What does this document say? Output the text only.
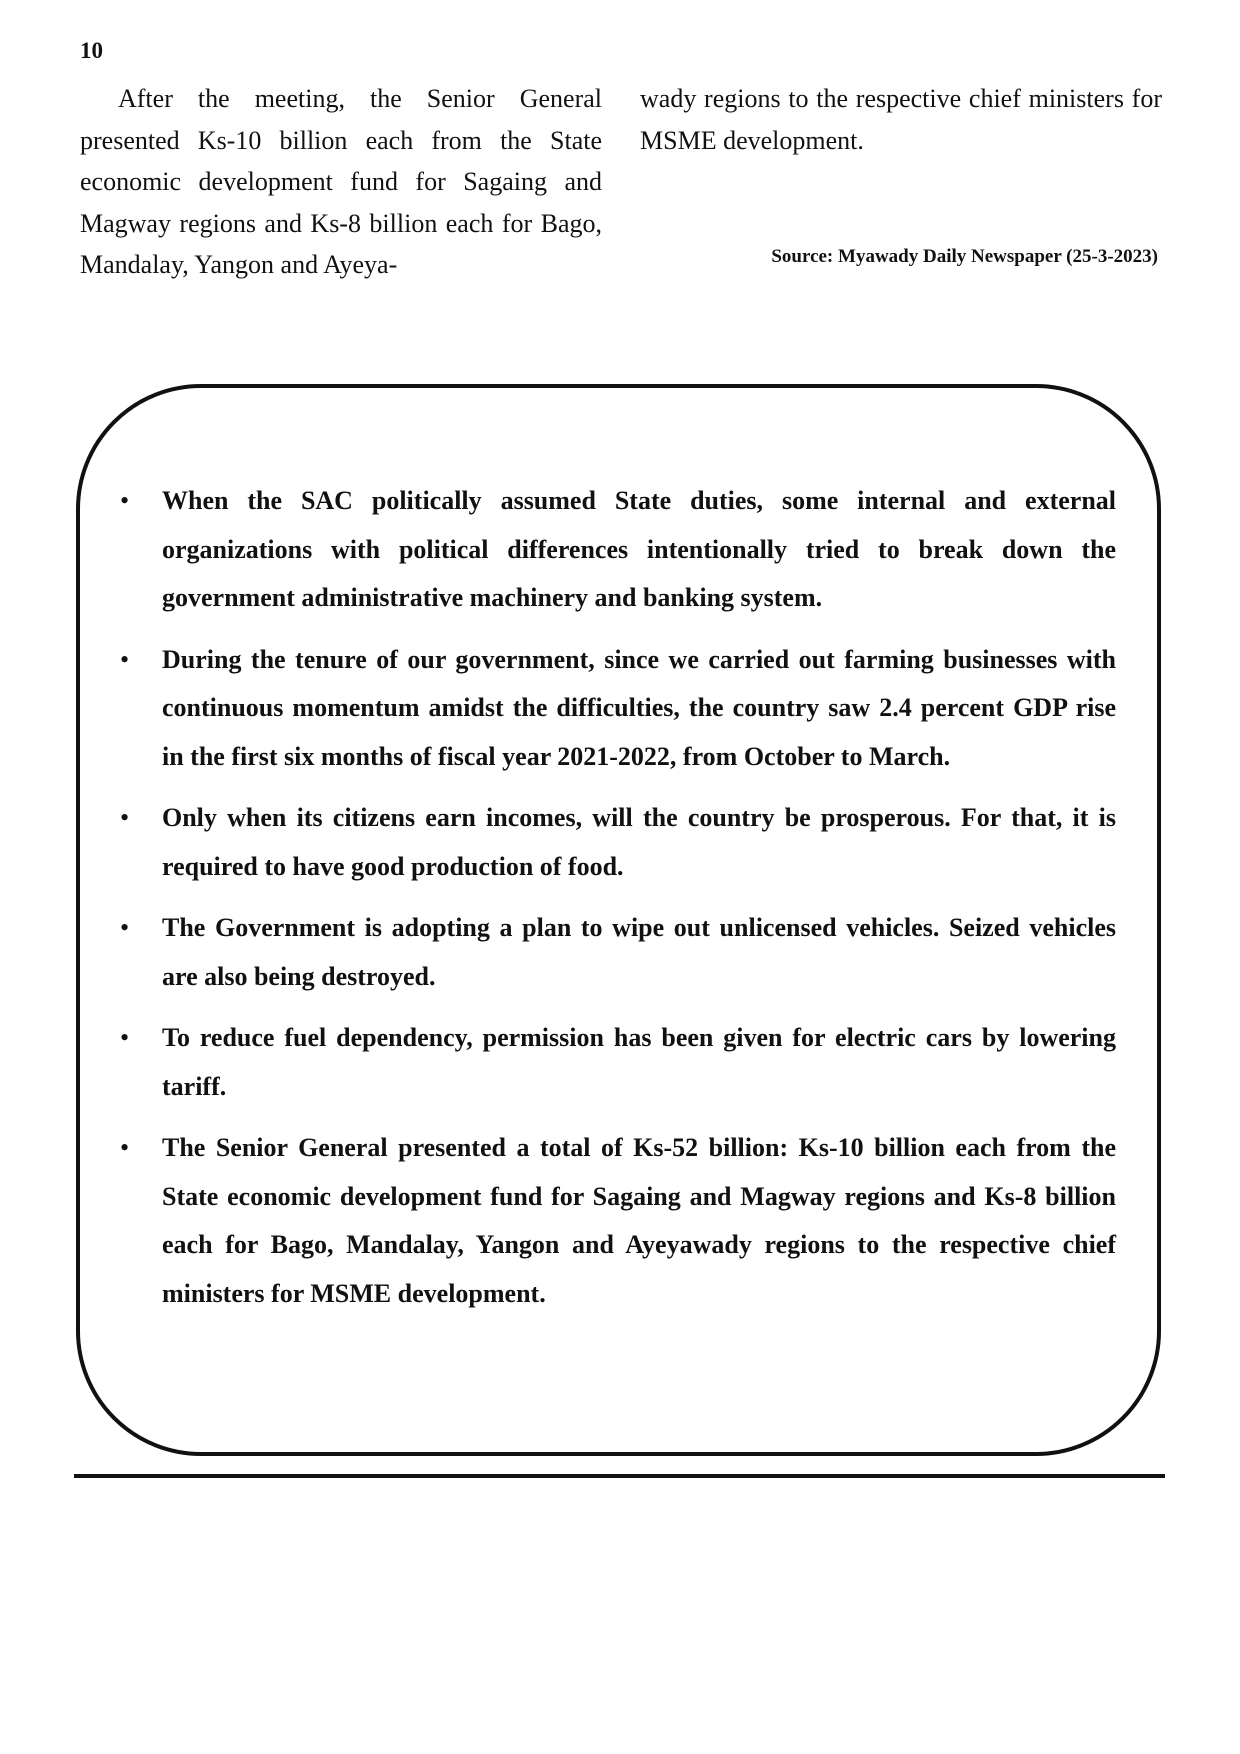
10

After the meeting, the Senior General presented Ks-10 billion each from the State economic development fund for Sagaing and Magway regions and Ks-8 billion each for Bago, Mandalay, Yangon and Ayeya-

wady regions to the respective chief ministers for MSME development.

Source: Myawady Daily Newspaper (25-3-2023)
• When the SAC politically assumed State duties, some internal and external organizations with political differences intentionally tried to break down the government administrative machinery and banking system.
• During the tenure of our government, since we carried out farming businesses with continuous momentum amidst the difficulties, the country saw 2.4 percent GDP rise in the first six months of fiscal year 2021-2022, from October to March.
• Only when its citizens earn incomes, will the country be prosperous. For that, it is required to have good production of food.
• The Government is adopting a plan to wipe out unlicensed vehicles. Seized vehicles are also being destroyed.
• To reduce fuel dependency, permission has been given for electric cars by lowering tariff.
• The Senior General presented a total of Ks-52 billion: Ks-10 billion each from the State economic development fund for Sagaing and Magway regions and Ks-8 billion each for Bago, Mandalay, Yangon and Ayeyawady regions to the respective chief ministers for MSME development.
